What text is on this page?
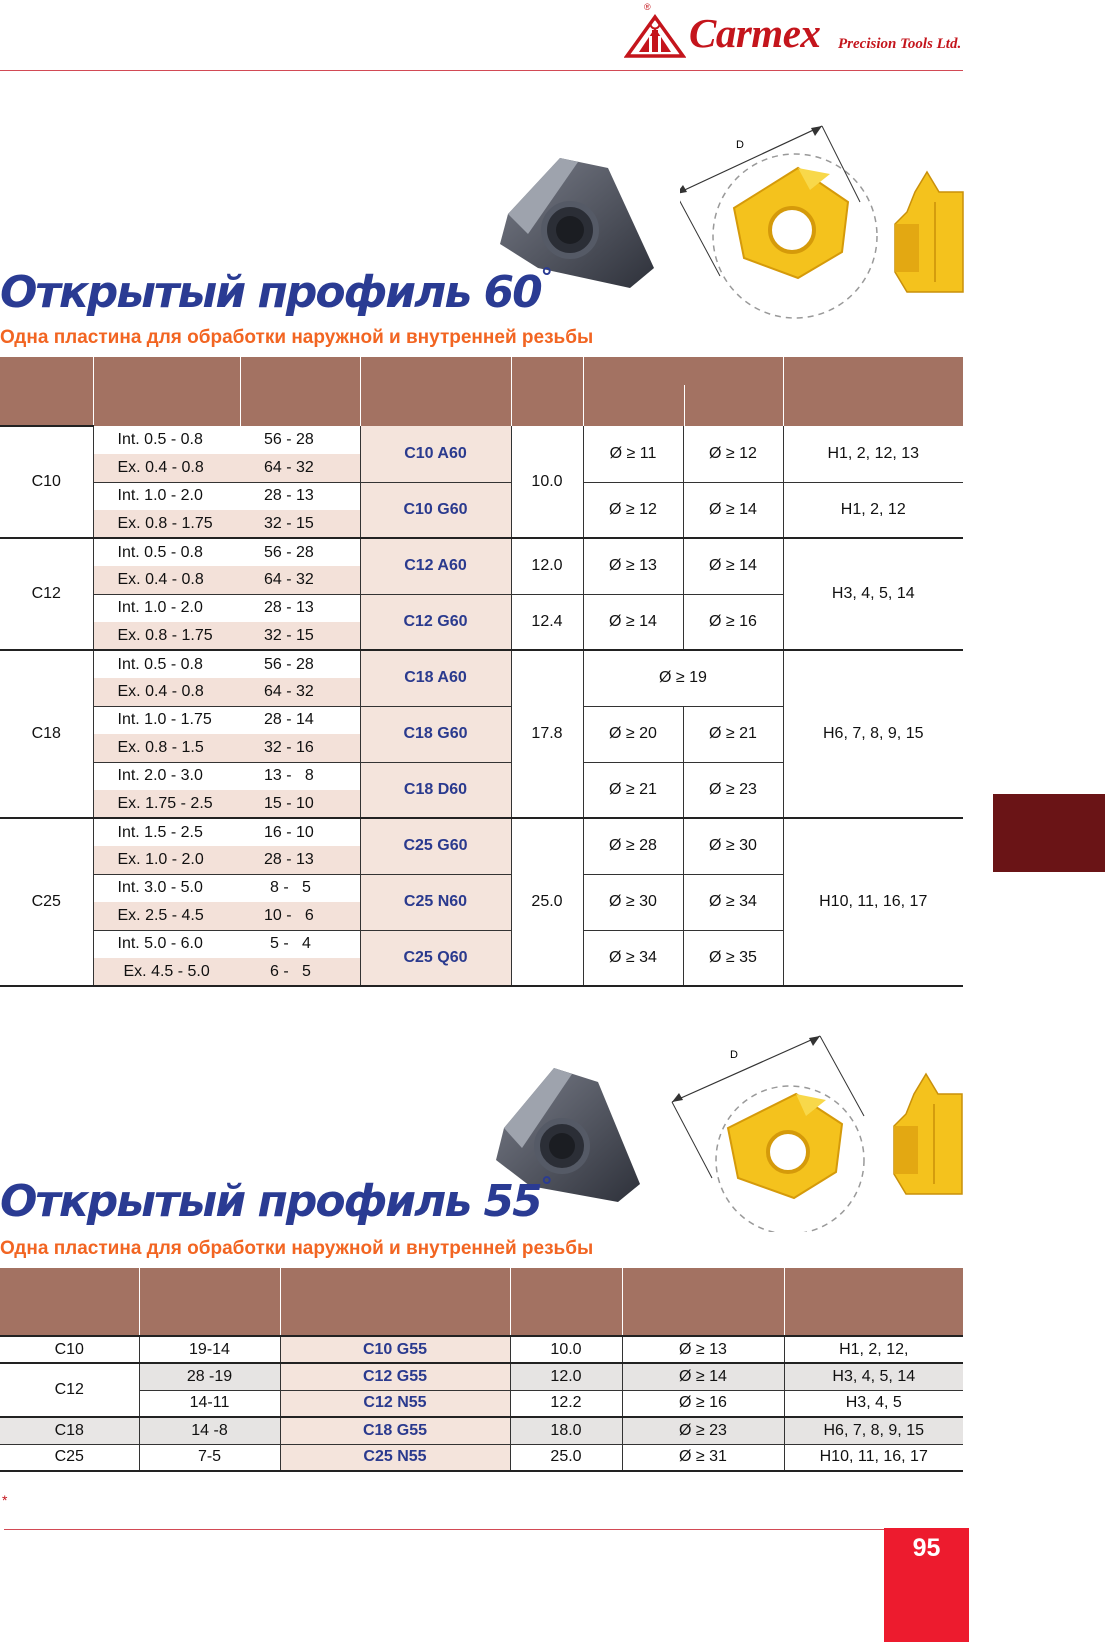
®
Carmex Precision Tools Ltd.
D
Открытый профиль 60°
Одна пластина для обработки наружной и внутренней резьбы

C10	Int. 0.5 - 0.8	56 - 28	C10 A60	10.0	Ø ≥ 11	Ø ≥ 12	H1, 2, 12, 13
	Ex. 0.4 - 0.8	64 - 32					
	Int. 1.0 - 2.0	28 - 13	C10 G60		Ø ≥ 12	Ø ≥ 14	H1, 2, 12
	Ex. 0.8 - 1.75	32 - 15					
C12	Int. 0.5 - 0.8	56 - 28	C12 A60	12.0	Ø ≥ 13	Ø ≥ 14	H3, 4, 5, 14
	Ex. 0.4 - 0.8	64 - 32					
	Int. 1.0 - 2.0	28 - 13	C12 G60	12.4	Ø ≥ 14	Ø ≥ 16	
	Ex. 0.8 - 1.75	32 - 15					
C18	Int. 0.5 - 0.8	56 - 28	C18 A60	17.8	Ø ≥ 19		H6, 7, 8, 9, 15
	Ex. 0.4 - 0.8	64 - 32					
	Int. 1.0 - 1.75	28 - 14	C18 G60		Ø ≥ 20	Ø ≥ 21	
	Ex. 0.8 - 1.5	32 - 16					
	Int. 2.0 - 3.0	13 -   8	C18 D60		Ø ≥ 21	Ø ≥ 23	
	Ex. 1.75 - 2.5	15 - 10					
C25	Int. 1.5 - 2.5	16 - 10	C25 G60	25.0	Ø ≥ 28	Ø ≥ 30	H10, 11, 16, 17
	Ex. 1.0 - 2.0	28 - 13					
	Int. 3.0 - 5.0	8 -   5	C25 N60		Ø ≥ 30	Ø ≥ 34	
	Ex. 2.5 - 4.5	10 -   6					
	Int. 5.0 - 6.0	5 -   4	C25 Q60		Ø ≥ 34	Ø ≥ 35	
	Ex. 4.5 - 5.0	6 -   5					
D
Открытый профиль 55°
Одна пластина для обработки наружной и внутренней резьбы

C10	19-14	C10 G55	10.0	Ø ≥ 13	H1, 2, 12,
C12	28 -19	C12 G55	12.0	Ø ≥ 14	H3, 4, 5, 14
	14-11	C12 N55	12.2	Ø ≥ 16	H3, 4, 5
C18	14 -8	C18 G55	18.0	Ø ≥ 23	H6, 7, 8, 9, 15
C25	7-5	C25 N55	25.0	Ø ≥ 31	H10, 11, 16, 17
*
95
